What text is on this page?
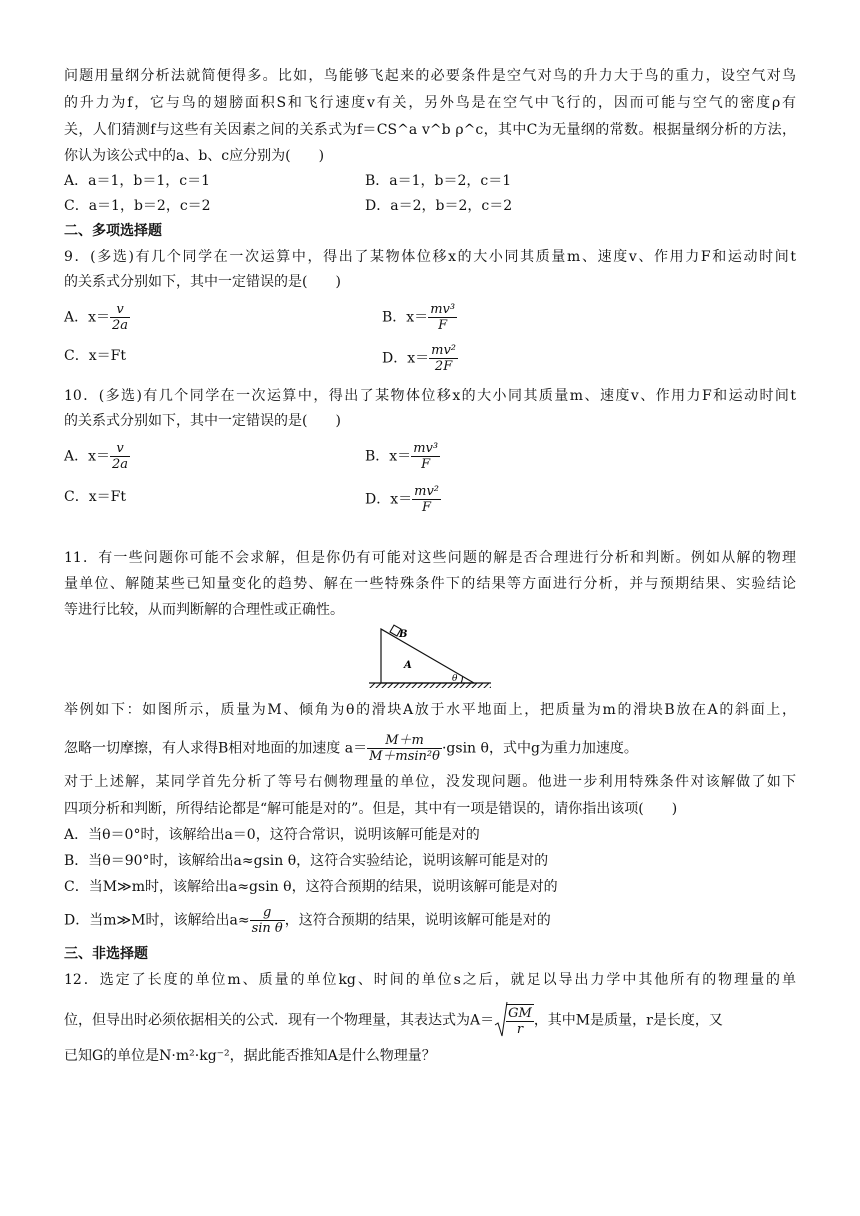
问题用量纲分析法就简便得多。比如，鸟能够飞起来的必要条件是空气对鸟的升力大于鸟的重力，设空气对鸟
的升力为f，它与鸟的翅膀面积S和飞行速度v有关，另外鸟是在空气中飞行的，因而可能与空气的密度ρ有
关，人们猜测f与这些有关因素之间的关系式为f＝CS^a v^b ρ^c，其中C为无量纲的常数。根据量纲分析的方法，
你认为该公式中的a、b、c应分别为(　　)
A．a＝1，b＝1，c＝1	B．a＝1，b＝2，c＝1
C．a＝1，b＝2，c＝2	D．a＝2，b＝2，c＝2
二、多项选择题
9．(多选)有几个同学在一次运算中，得出了某物体位移x的大小同其质量m、速度v、作用力F和运动时间t
的关系式分别如下，其中一定错误的是(　　)
A．$x= \frac{v}{2a}$	B．$x= \frac{\text{mv³}}{F}$
C．x＝Ft	D．$x= \frac{\text{mv²}}{2F}$
10．(多选)有几个同学在一次运算中，得出了某物体位移x的大小同其质量m、速度v、作用力F和运动时间t
的关系式分别如下，其中一定错误的是(　　)
A．$x= \frac{v}{2a}$	B．$x= \frac{\text{mv³}}{F}$
C．x＝Ft	D．$x= \frac{\text{mv²}}{F}$
11．有一些问题你可能不会求解，但是你仍有可能对这些问题的解是否合理进行分析和判断。例如从解的物理
量单位、解随某些已知量变化的趋势、解在一些特殊条件下的结果等方面进行分析，并与预期结果、实验结论
等进行比较，从而判断解的合理性或正确性。
B
A
θ
举例如下：如图所示，质量为M、倾角为θ的滑块A放于水平地面上，把质量为m的滑块B放在A的斜面上，
忽略一切摩擦，有人求得B相对地面的加速度 $a= \frac{M+m}{\text{M＋msin²θ}} \cdot gsin$ θ，式中g为重力加速度。
对于上述解，某同学首先分析了等号右侧物理量的单位，没发现问题。他进一步利用特殊条件对该解做了如下
四项分析和判断，所得结论都是“解可能是对的”。但是，其中有一项是错误的，请你指出该项(　　)
A．当θ＝0°时，该解给出a＝0，这符合常识，说明该解可能是对的
B．当θ＝90°时，该解给出a≈gsin θ，这符合实验结论，说明该解可能是对的
C．当M≫m时，该解给出a≈gsin θ，这符合预期的结果，说明该解可能是对的
D．当m≫M时，该解给出$a\approx \frac{g}{\text{sin θ}}$ ，这符合预期的结果，说明该解可能是对的
三、非选择题
12．选定了长度的单位m、质量的单位kg、时间的单位s之后，就足以导出力学中其他所有的物理量的单
位，但导出时必须依据相关的公式．现有一个物理量，其表达式为$A= \frac{GM}{r}$ ，其中M是质量，r是长度，又
已知G的单位是N·m²·kg⁻²，据此能否推知A是什么物理量？
